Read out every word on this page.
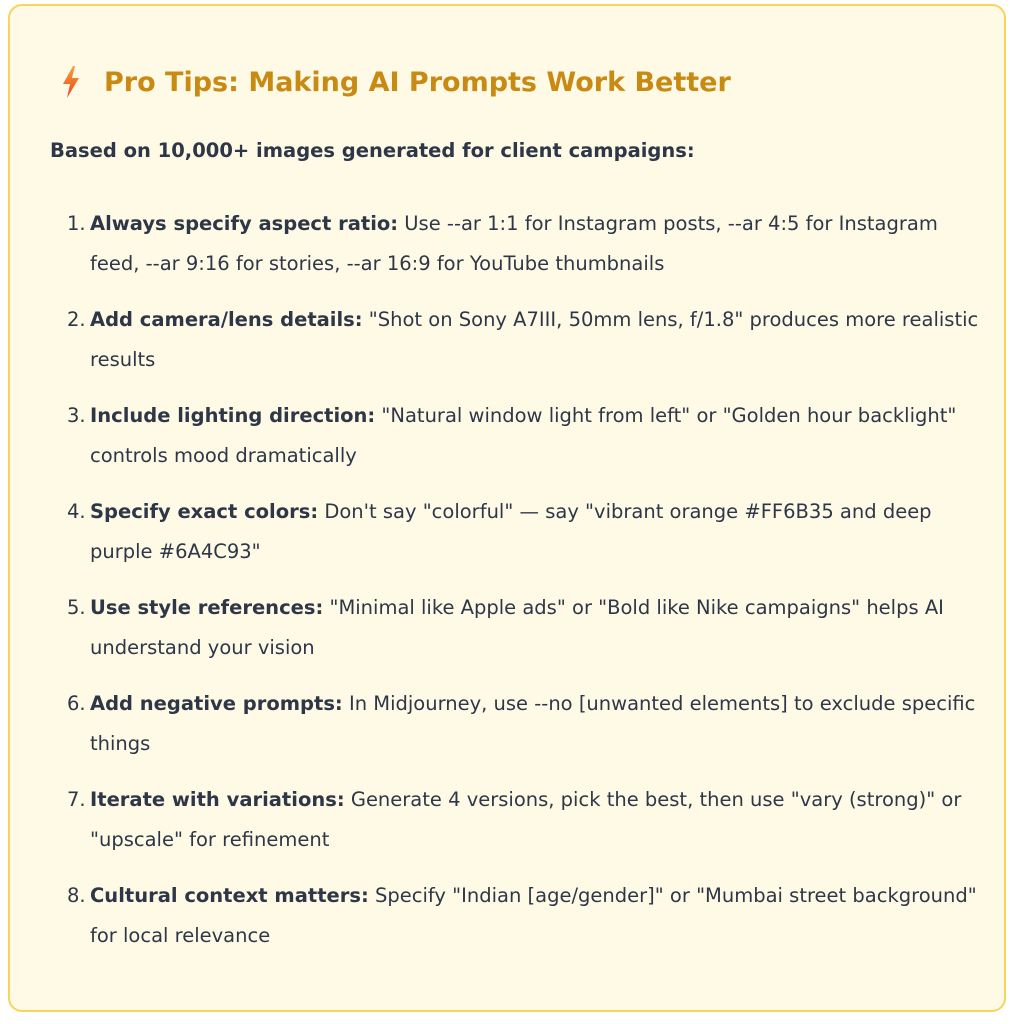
Pro Tips: Making AI Prompts Work Better
Based on 10,000+ images generated for client campaigns:
1. Always specify aspect ratio: Use --ar 1:1 for Instagram posts, --ar 4:5 for Instagram feed, --ar 9:16 for stories, --ar 16:9 for YouTube thumbnails
2. Add camera/lens details: "Shot on Sony A7III, 50mm lens, f/1.8" produces more realistic results
3. Include lighting direction: "Natural window light from left" or "Golden hour backlight" controls mood dramatically
4. Specify exact colors: Don't say "colorful" — say "vibrant orange #FF6B35 and deep purple #6A4C93"
5. Use style references: "Minimal like Apple ads" or "Bold like Nike campaigns" helps AI understand your vision
6. Add negative prompts: In Midjourney, use --no [unwanted elements] to exclude specific things
7. Iterate with variations: Generate 4 versions, pick the best, then use "vary (strong)" or "upscale" for refinement
8. Cultural context matters: Specify "Indian [age/gender]" or "Mumbai street background" for local relevance
